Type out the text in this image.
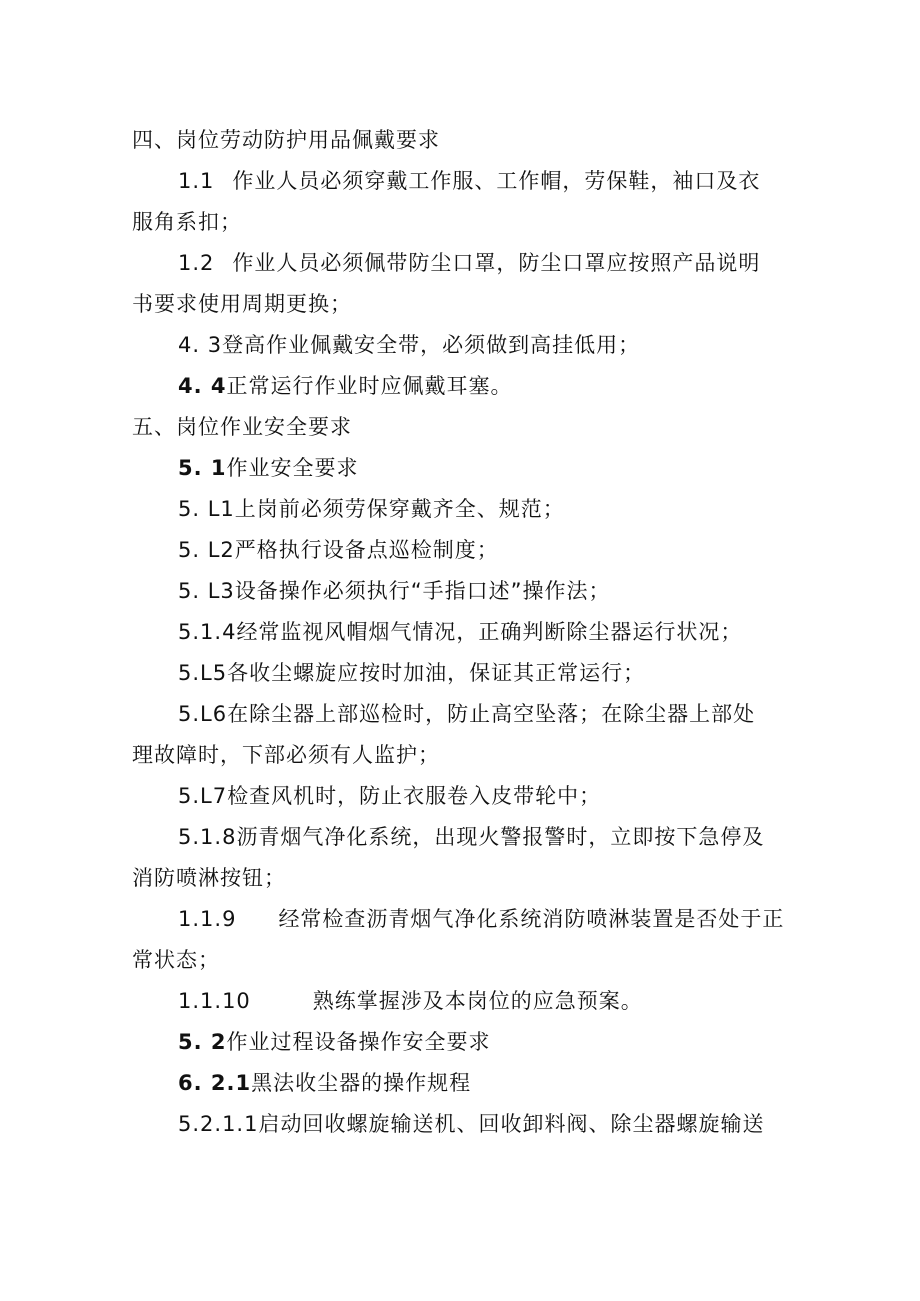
四、岗位劳动防护用品佩戴要求
1.1 作业人员必须穿戴工作服、工作帽，劳保鞋，袖口及衣
服角系扣；
1.2 作业人员必须佩带防尘口罩，防尘口罩应按照产品说明
书要求使用周期更换；
4. 3登高作业佩戴安全带，必须做到高挂低用；
4. 4正常运行作业时应佩戴耳塞。
五、岗位作业安全要求
5. 1作业安全要求
5. L1上岗前必须劳保穿戴齐全、规范；
5. L2严格执行设备点巡检制度；
5. L3设备操作必须执行“手指口述”操作法；
5.1.4经常监视风帽烟气情况，正确判断除尘器运行状况；
5.L5各收尘螺旋应按时加油，保证其正常运行；
5.L6在除尘器上部巡检时，防止高空坠落；在除尘器上部处
理故障时，下部必须有人监护；
5.L7检查风机时，防止衣服卷入皮带轮中；
5.1.8沥青烟气净化系统，出现火警报警时，立即按下急停及
消防喷淋按钮；
1.1.9 经常检查沥青烟气净化系统消防喷淋装置是否处于正
常状态；
1.1.10	熟练掌握涉及本岗位的应急预案。
5. 2作业过程设备操作安全要求
6. 2.1黑法收尘器的操作规程
5.2.1.1启动回收螺旋输送机、回收卸料阀、除尘器螺旋输送
